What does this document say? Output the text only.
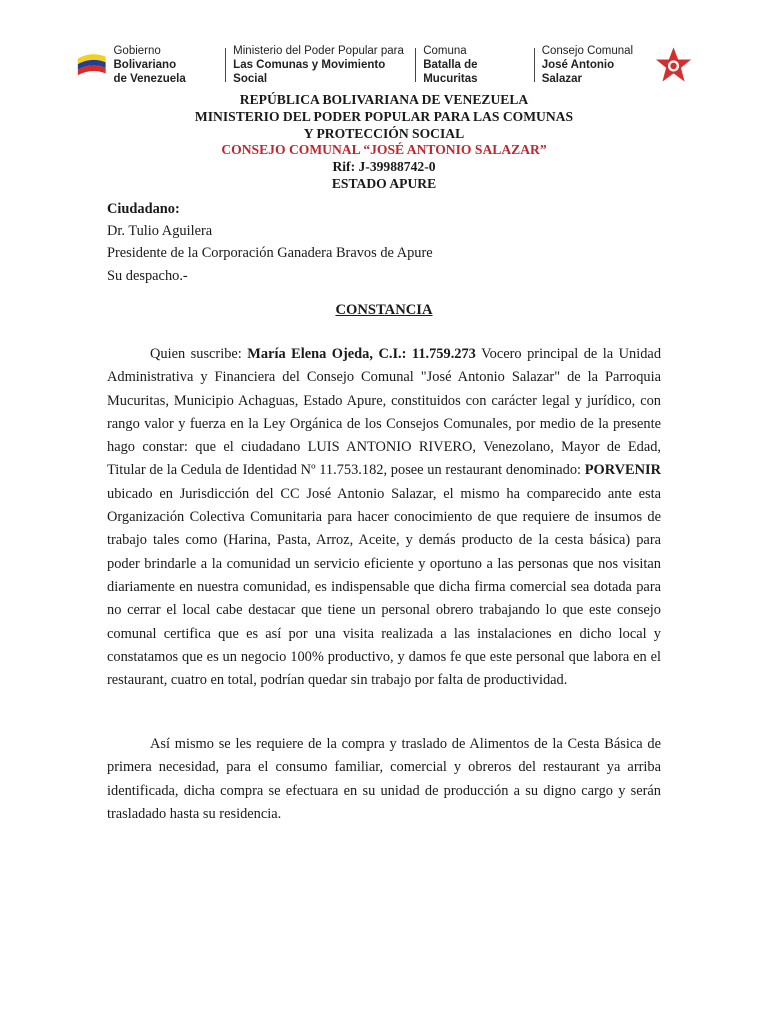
Gobierno Bolivariano
de Venezuela
Ministerio del Poder Popular para
Las Comunas y Movimiento Social
Comuna
Batalla de Mucuritas
Consejo Comunal
José Antonio Salazar
REPÚBLICA BOLIVARIANA DE VENEZUELA
MINISTERIO DEL PODER POPULAR PARA LAS COMUNAS
Y PROTECCIÓN SOCIAL
CONSEJO COMUNAL “JOSÉ ANTONIO SALAZAR”
Rif: J-39988742-0
ESTADO APURE
Ciudadano:
Dr. Tulio Aguilera
Presidente de la Corporación Ganadera Bravos de Apure
Su despacho.-
CONSTANCIA

Quien suscribe: María Elena Ojeda, C.I.: 11.759.273 Vocero principal de la Unidad Administrativa y Financiera del Consejo Comunal "José Antonio Salazar" de la Parroquia Mucuritas, Municipio Achaguas, Estado Apure, constituidos con carácter legal y jurídico, con rango valor y fuerza en la Ley Orgánica de los Consejos Comunales, por medio de la presente hago constar: que el ciudadano LUIS ANTONIO RIVERO, Venezolano, Mayor de Edad, Titular de la Cedula de Identidad Nº 11.753.182, posee un restaurant denominado: PORVENIR ubicado en Jurisdicción del CC José Antonio Salazar, el mismo ha comparecido ante esta Organización Colectiva Comunitaria para hacer conocimiento de que requiere de insumos de trabajo tales como (Harina, Pasta, Arroz, Aceite, y demás producto de la cesta básica) para poder brindarle a la comunidad un servicio eficiente y oportuno a las personas que nos visitan diariamente en nuestra comunidad, es indispensable que dicha firma comercial sea dotada para no cerrar el local cabe destacar que tiene un personal obrero trabajando lo que este consejo comunal certifica que es así por una visita realizada a las instalaciones en dicho local y constatamos que es un negocio 100% productivo, y damos fe que este personal que labora en el restaurant, cuatro en total, podrían quedar sin trabajo por falta de productividad.

Así mismo se les requiere de la compra y traslado de Alimentos de la Cesta Básica de primera necesidad, para el consumo familiar, comercial y obreros del restaurant ya arriba identificada, dicha compra se efectuara en su unidad de producción a su digno cargo y serán trasladado hasta su residencia.
